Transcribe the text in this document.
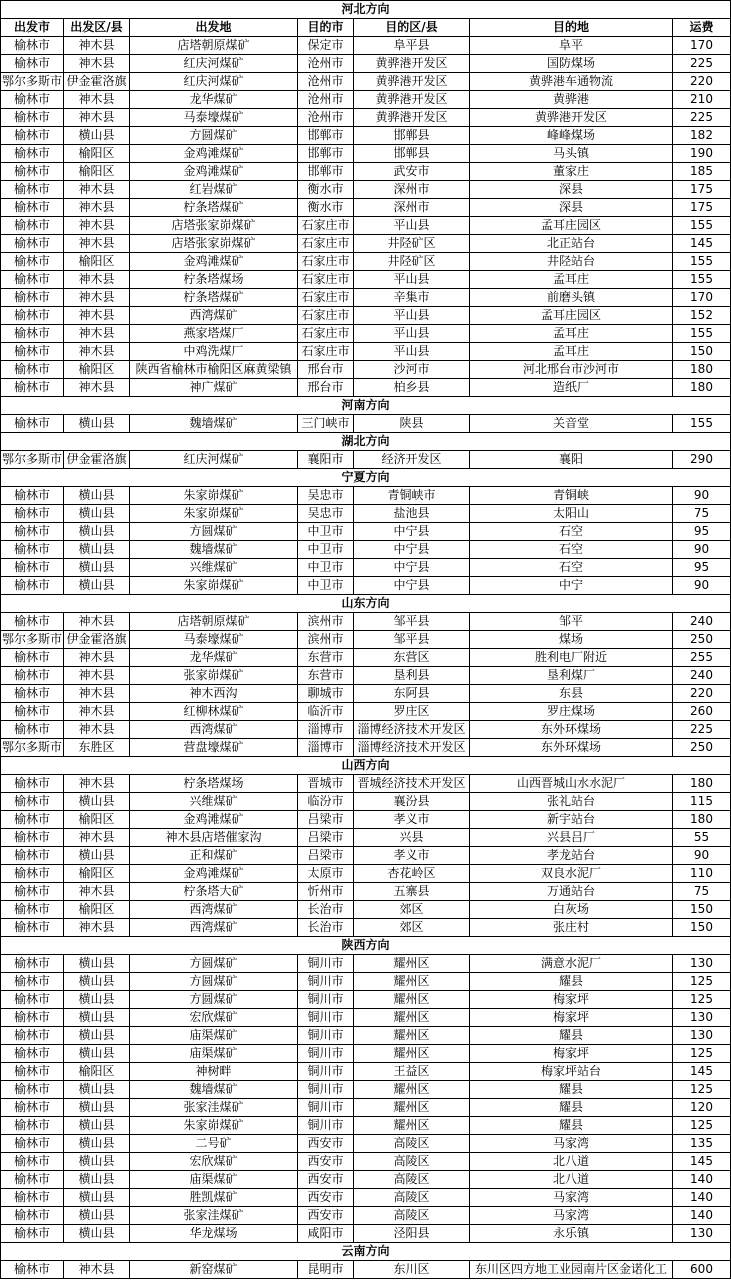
河北方向						
出发市	出发区/县	出发地	目的市	目的区/县	目的地	运费
榆林市	神木县	店塔朝原煤矿	保定市	阜平县	阜平	170
榆林市	神木县	红庆河煤矿	沧州市	黄骅港开发区	国防煤场	225
鄂尔多斯市	伊金霍洛旗	红庆河煤矿	沧州市	黄骅港开发区	黄骅港车通物流	220
榆林市	神木县	龙华煤矿	沧州市	黄骅港开发区	黄骅港	210
榆林市	神木县	马泰壕煤矿	沧州市	黄骅港开发区	黄骅港开发区	225
榆林市	横山县	方圆煤矿	邯郸市	邯郸县	峰峰煤场	182
榆林市	榆阳区	金鸡滩煤矿	邯郸市	邯郸县	马头镇	190
榆林市	榆阳区	金鸡滩煤矿	邯郸市	武安市	董家庄	185
榆林市	神木县	红岩煤矿	衡水市	深州市	深县	175
榆林市	神木县	柠条塔煤矿	衡水市	深州市	深县	175
榆林市	神木县	店塔张家峁煤矿	石家庄市	平山县	孟耳庄园区	155
榆林市	神木县	店塔张家峁煤矿	石家庄市	井陉矿区	北正站台	145
榆林市	榆阳区	金鸡滩煤矿	石家庄市	井陉矿区	井陉站台	155
榆林市	神木县	柠条塔煤场	石家庄市	平山县	孟耳庄	155
榆林市	神木县	柠条塔煤矿	石家庄市	辛集市	前磨头镇	170
榆林市	神木县	西湾煤矿	石家庄市	平山县	孟耳庄园区	152
榆林市	神木县	燕家塔煤厂	石家庄市	平山县	孟耳庄	155
榆林市	神木县	中鸡洗煤厂	石家庄市	平山县	孟耳庄	150
榆林市	榆阳区	陕西省榆林市榆阳区麻黄梁镇	邢台市	沙河市	河北邢台市沙河市	180
榆林市	神木县	神广煤矿	邢台市	柏乡县	造纸厂	180
河南方向						
榆林市	横山县	魏墙煤矿	三门峡市	陕县	关音堂	155
湖北方向						
鄂尔多斯市	伊金霍洛旗	红庆河煤矿	襄阳市	经济开发区	襄阳	290
宁夏方向						
榆林市	横山县	朱家峁煤矿	吴忠市	青铜峡市	青铜峡	90
榆林市	横山县	朱家峁煤矿	吴忠市	盐池县	太阳山	75
榆林市	横山县	方圆煤矿	中卫市	中宁县	石空	95
榆林市	横山县	魏墙煤矿	中卫市	中宁县	石空	90
榆林市	横山县	兴维煤矿	中卫市	中宁县	石空	95
榆林市	横山县	朱家峁煤矿	中卫市	中宁县	中宁	90
山东方向						
榆林市	神木县	店塔朝原煤矿	滨州市	邹平县	邹平	240
鄂尔多斯市	伊金霍洛旗	马泰壕煤矿	滨州市	邹平县	煤场	250
榆林市	神木县	龙华煤矿	东营市	东营区	胜利电厂附近	255
榆林市	神木县	张家峁煤矿	东营市	垦利县	垦利煤厂	240
榆林市	神木县	神木西沟	聊城市	东阿县	东县	220
榆林市	神木县	红柳林煤矿	临沂市	罗庄区	罗庄煤场	260
榆林市	神木县	西湾煤矿	淄博市	淄博经济技术开发区	东外环煤场	225
鄂尔多斯市	东胜区	营盘壕煤矿	淄博市	淄博经济技术开发区	东外环煤场	250
山西方向						
榆林市	神木县	柠条塔煤场	晋城市	晋城经济技术开发区	山西晋城山水水泥厂	180
榆林市	横山县	兴维煤矿	临汾市	襄汾县	张礼站台	115
榆林市	榆阳区	金鸡滩煤矿	吕梁市	孝义市	新宇站台	180
榆林市	神木县	神木县店塔催家沟	吕梁市	兴县	兴县吕厂	55
榆林市	横山县	正和煤矿	吕梁市	孝义市	孝龙站台	90
榆林市	榆阳区	金鸡滩煤矿	太原市	杏花岭区	双良水泥厂	110
榆林市	神木县	柠条塔大矿	忻州市	五寨县	万通站台	75
榆林市	榆阳区	西湾煤矿	长治市	郊区	白灰场	150
榆林市	神木县	西湾煤矿	长治市	郊区	张庄村	150
陕西方向						
榆林市	横山县	方圆煤矿	铜川市	耀州区	满意水泥厂	130
榆林市	横山县	方圆煤矿	铜川市	耀州区	耀县	125
榆林市	横山县	方圆煤矿	铜川市	耀州区	梅家坪	125
榆林市	横山县	宏欣煤矿	铜川市	耀州区	梅家坪	130
榆林市	横山县	庙渠煤矿	铜川市	耀州区	耀县	130
榆林市	横山县	庙渠煤矿	铜川市	耀州区	梅家坪	125
榆林市	榆阳区	神树畔	铜川市	王益区	梅家坪站台	145
榆林市	横山县	魏墙煤矿	铜川市	耀州区	耀县	125
榆林市	横山县	张家洼煤矿	铜川市	耀州区	耀县	120
榆林市	横山县	朱家峁煤矿	铜川市	耀州区	耀县	125
榆林市	横山县	二号矿	西安市	高陵区	马家湾	135
榆林市	横山县	宏欣煤矿	西安市	高陵区	北八道	145
榆林市	横山县	庙渠煤矿	西安市	高陵区	北八道	140
榆林市	横山县	胜凯煤矿	西安市	高陵区	马家湾	140
榆林市	横山县	张家洼煤矿	西安市	高陵区	马家湾	140
榆林市	横山县	华龙煤场	咸阳市	泾阳县	永乐镇	130
云南方向						
榆林市	神木县	新窑煤矿	昆明市	东川区	东川区四方地工业园南片区金诺化工	600
